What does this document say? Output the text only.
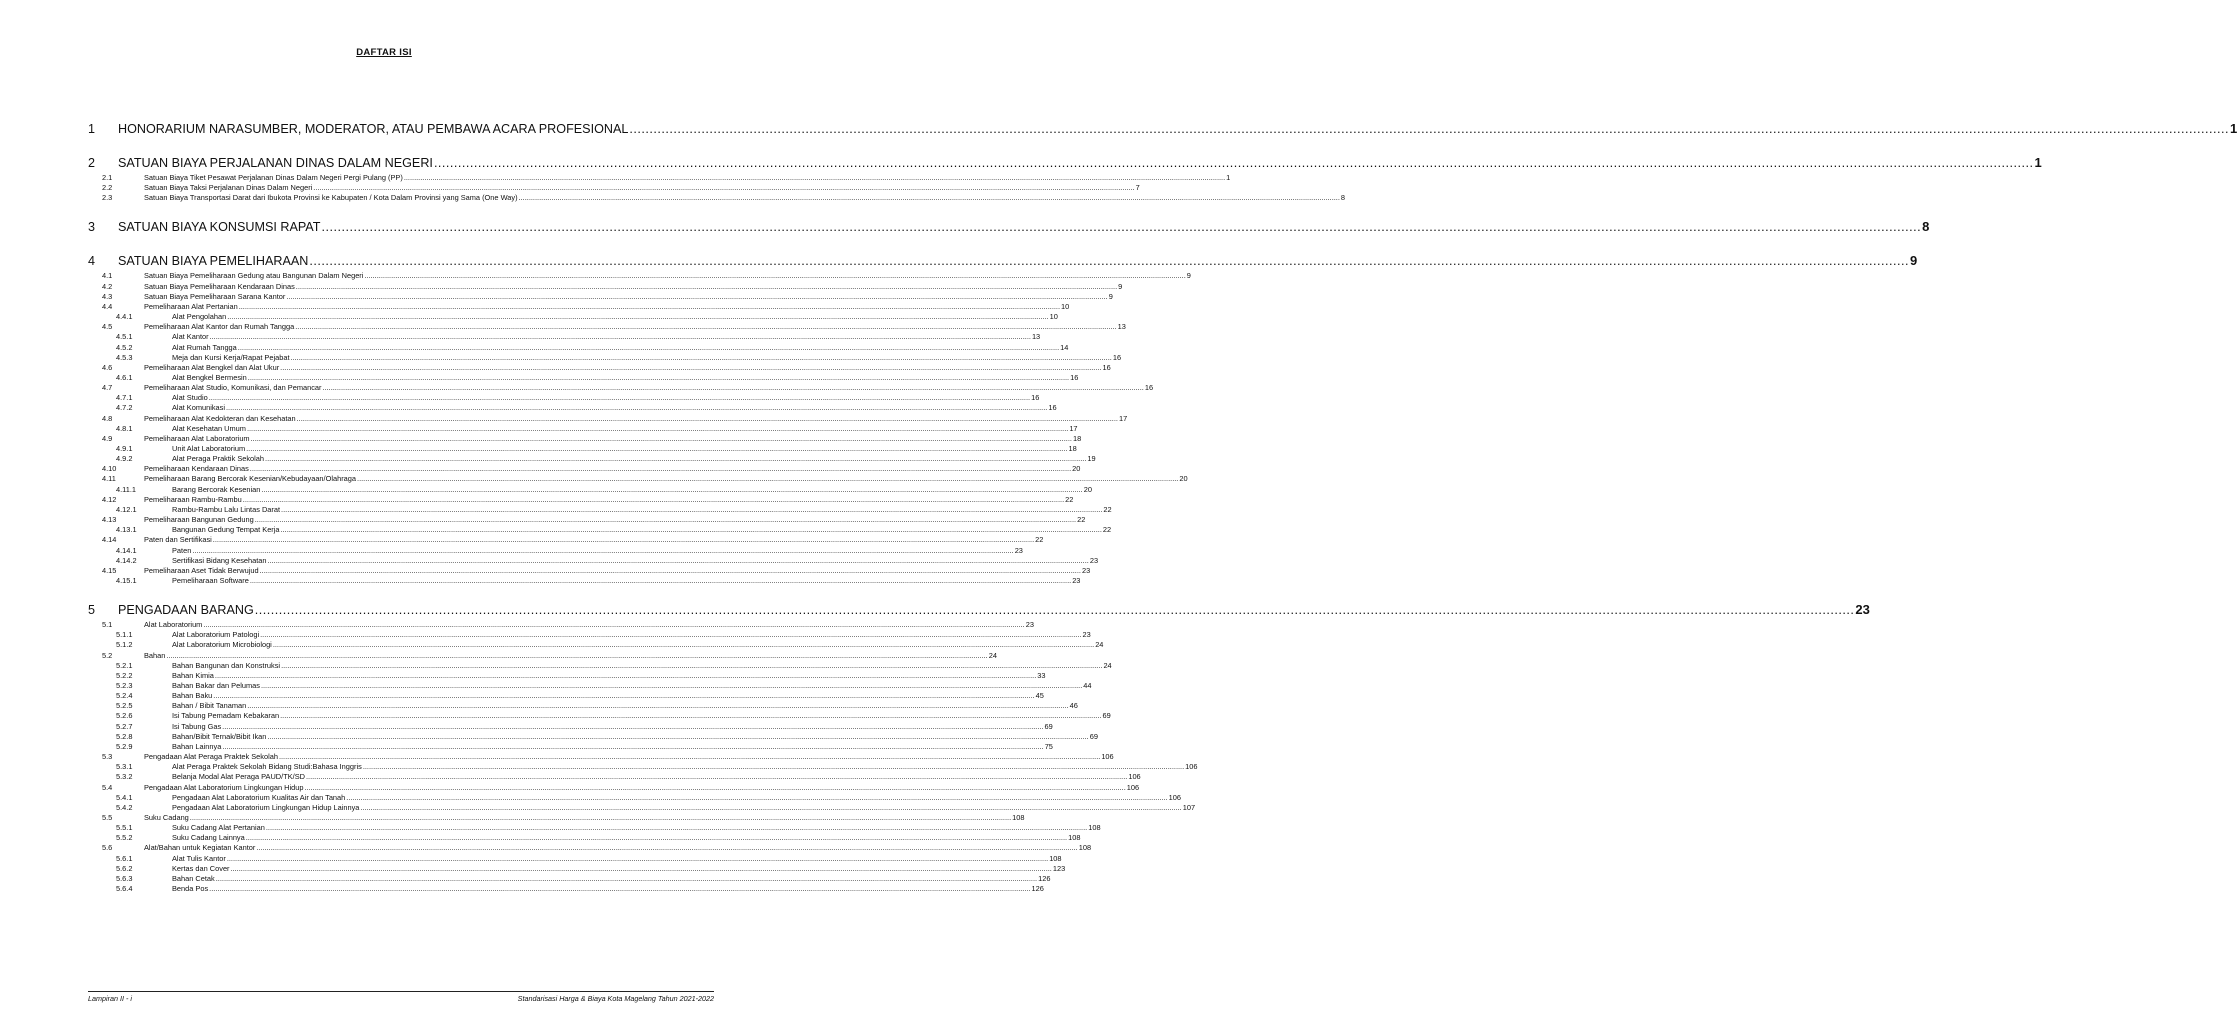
DAFTAR ISI
1	HONORARIUM NARASUMBER, MODERATOR, ATAU PEMBAWA ACARA PROFESIONAL ................................................................................................................................................................................................................................................................................................................................................................................................................ 1
2	SATUAN BIAYA PERJALANAN DINAS DALAM NEGERI ................................................................................................................................................................................................................................................................................................................................................................................................................ 1
2.1	Satuan Biaya Tiket Pesawat Perjalanan Dinas Dalam Negeri Pergi Pulang (PP) ................................................................................................................................................................................................................................................................................................................................................................................................................ 1
2.2	Satuan Biaya Taksi Perjalanan Dinas Dalam Negeri ................................................................................................................................................................................................................................................................................................................................................................................................................ 7
2.3	Satuan Biaya Transportasi Darat dari Ibukota Provinsi ke Kabupaten / Kota Dalam Provinsi yang Sama (One Way) ................................................................................................................................................................................................................................................................................................................................................................................................................ 8
3	SATUAN BIAYA KONSUMSI RAPAT ................................................................................................................................................................................................................................................................................................................................................................................................................ 8
4	SATUAN BIAYA PEMELIHARAAN ................................................................................................................................................................................................................................................................................................................................................................................................................ 9
4.1	Satuan Biaya Pemeliharaan Gedung atau Bangunan Dalam Negeri ................................................................................................................................................................................................................................................................................................................................................................................................................ 9
4.2	Satuan Biaya Pemeliharaan Kendaraan Dinas ................................................................................................................................................................................................................................................................................................................................................................................................................ 9
4.3	Satuan Biaya Pemeliharaan Sarana Kantor ................................................................................................................................................................................................................................................................................................................................................................................................................ 9
4.4	Pemeliharaan Alat Pertanian ................................................................................................................................................................................................................................................................................................................................................................................................................ 10
4.4.1	Alat Pengolahan ................................................................................................................................................................................................................................................................................................................................................................................................................ 10
4.5	Pemeliharaan Alat Kantor dan Rumah Tangga ................................................................................................................................................................................................................................................................................................................................................................................................................ 13
4.5.1	Alat Kantor ................................................................................................................................................................................................................................................................................................................................................................................................................ 13
4.5.2	Alat Rumah Tangga ................................................................................................................................................................................................................................................................................................................................................................................................................ 14
4.5.3	Meja dan Kursi Kerja/Rapat Pejabat ................................................................................................................................................................................................................................................................................................................................................................................................................ 16
4.6	Pemeliharaan Alat Bengkel dan Alat Ukur ................................................................................................................................................................................................................................................................................................................................................................................................................ 16
4.6.1	Alat Bengkel Bermesin ................................................................................................................................................................................................................................................................................................................................................................................................................ 16
4.7	Pemeliharaan Alat Studio, Komunikasi, dan Pemancar ................................................................................................................................................................................................................................................................................................................................................................................................................ 16
4.7.1	Alat Studio ................................................................................................................................................................................................................................................................................................................................................................................................................ 16
4.7.2	Alat Komunikasi ................................................................................................................................................................................................................................................................................................................................................................................................................ 16
4.8	Pemeliharaan Alat Kedokteran dan Kesehatan ................................................................................................................................................................................................................................................................................................................................................................................................................ 17
4.8.1	Alat Kesehatan Umum ................................................................................................................................................................................................................................................................................................................................................................................................................ 17
4.9	Pemeliharaan Alat Laboratorium ................................................................................................................................................................................................................................................................................................................................................................................................................ 18
4.9.1	Unit Alat Laboratorium ................................................................................................................................................................................................................................................................................................................................................................................................................ 18
4.9.2	Alat Peraga Praktik Sekolah ................................................................................................................................................................................................................................................................................................................................................................................................................ 19
4.10	Pemeliharaan Kendaraan Dinas ................................................................................................................................................................................................................................................................................................................................................................................................................ 20
4.11	Pemeliharaan Barang Bercorak Kesenian/Kebudayaan/Olahraga ................................................................................................................................................................................................................................................................................................................................................................................................................ 20
4.11.1	Barang Bercorak Kesenian ................................................................................................................................................................................................................................................................................................................................................................................................................ 20
4.12	Pemeliharaan Rambu-Rambu ................................................................................................................................................................................................................................................................................................................................................................................................................ 22
4.12.1	Rambu-Rambu Lalu Lintas Darat ................................................................................................................................................................................................................................................................................................................................................................................................................ 22
4.13	Pemeliharaan Bangunan Gedung ................................................................................................................................................................................................................................................................................................................................................................................................................ 22
4.13.1	Bangunan Gedung Tempat Kerja ................................................................................................................................................................................................................................................................................................................................................................................................................ 22
4.14	Paten dan Sertifikasi ................................................................................................................................................................................................................................................................................................................................................................................................................ 22
4.14.1	Paten ................................................................................................................................................................................................................................................................................................................................................................................................................ 23
4.14.2	Sertifikasi Bidang Kesehatan ................................................................................................................................................................................................................................................................................................................................................................................................................ 23
4.15	Pemeliharaan Aset Tidak Berwujud ................................................................................................................................................................................................................................................................................................................................................................................................................ 23
4.15.1	Pemeliharaan Software ................................................................................................................................................................................................................................................................................................................................................................................................................ 23
5	PENGADAAN BARANG ................................................................................................................................................................................................................................................................................................................................................................................................................ 23
5.1	Alat Laboratorium ................................................................................................................................................................................................................................................................................................................................................................................................................ 23
5.1.1	Alat Laboratorium Patologi ................................................................................................................................................................................................................................................................................................................................................................................................................ 23
5.1.2	Alat Laboratorium Microbiologi ................................................................................................................................................................................................................................................................................................................................................................................................................ 24
5.2	Bahan ................................................................................................................................................................................................................................................................................................................................................................................................................ 24
5.2.1	Bahan Bangunan dan Konstruksi ................................................................................................................................................................................................................................................................................................................................................................................................................ 24
5.2.2	Bahan Kimia ................................................................................................................................................................................................................................................................................................................................................................................................................ 33
5.2.3	Bahan Bakar dan Pelumas ................................................................................................................................................................................................................................................................................................................................................................................................................ 44
5.2.4	Bahan Baku ................................................................................................................................................................................................................................................................................................................................................................................................................ 45
5.2.5	Bahan / Bibit Tanaman ................................................................................................................................................................................................................................................................................................................................................................................................................ 46
5.2.6	Isi Tabung Pemadam Kebakaran ................................................................................................................................................................................................................................................................................................................................................................................................................ 69
5.2.7	Isi Tabung Gas ................................................................................................................................................................................................................................................................................................................................................................................................................ 69
5.2.8	Bahan/Bibit Ternak/Bibit Ikan ................................................................................................................................................................................................................................................................................................................................................................................................................ 69
5.2.9	Bahan Lainnya ................................................................................................................................................................................................................................................................................................................................................................................................................ 75
5.3	Pengadaan Alat Peraga Praktek Sekolah ................................................................................................................................................................................................................................................................................................................................................................................................................ 106
5.3.1	Alat Peraga Praktek Sekolah Bidang Studi:Bahasa Inggris ................................................................................................................................................................................................................................................................................................................................................................................................................ 106
5.3.2	Belanja Modal Alat Peraga PAUD/TK/SD ................................................................................................................................................................................................................................................................................................................................................................................................................ 106
5.4	Pengadaan Alat Laboratorium Lingkungan Hidup ................................................................................................................................................................................................................................................................................................................................................................................................................ 106
5.4.1	Pengadaan Alat Laboratorium Kualitas Air dan Tanah ................................................................................................................................................................................................................................................................................................................................................................................................................ 106
5.4.2	Pengadaan Alat Laboratorium Lingkungan Hidup Lainnya ................................................................................................................................................................................................................................................................................................................................................................................................................ 107
5.5	Suku Cadang ................................................................................................................................................................................................................................................................................................................................................................................................................ 108
5.5.1	Suku Cadang Alat Pertanian ................................................................................................................................................................................................................................................................................................................................................................................................................ 108
5.5.2	Suku Cadang Lainnya ................................................................................................................................................................................................................................................................................................................................................................................................................ 108
5.6	Alat/Bahan untuk Kegiatan Kantor ................................................................................................................................................................................................................................................................................................................................................................................................................ 108
5.6.1	Alat Tulis Kantor ................................................................................................................................................................................................................................................................................................................................................................................................................ 108
5.6.2	Kertas dan Cover ................................................................................................................................................................................................................................................................................................................................................................................................................ 123
5.6.3	Bahan Cetak ................................................................................................................................................................................................................................................................................................................................................................................................................ 126
5.6.4	Benda Pos ................................................................................................................................................................................................................................................................................................................................................................................................................ 126
Lampiran II - i	Standarisasi Harga & Biaya Kota Magelang Tahun 2021-2022
